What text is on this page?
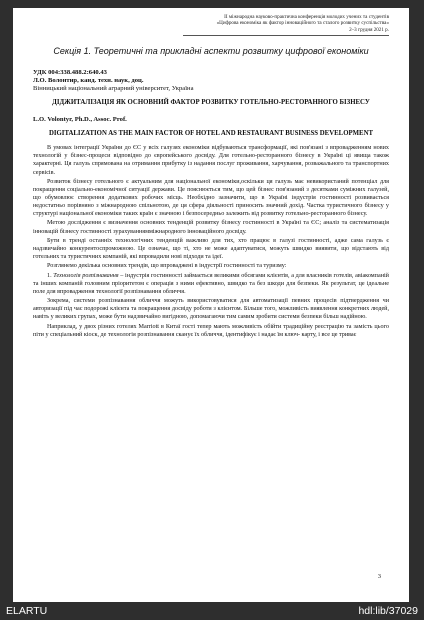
II міжнародна науково-практична конференція молодих учених та студентів
«Цифрова економіка як фактор інноваційного та сталого розвитку суспільства»
2–3 грудня 2021 р.
Секція 1. Теоретичні та прикладні аспекти розвитку цифрової економіки
УДК 004:338.488.2:640.43
Л.О. Волонтир, канд. техн. наук, доц.
Вінницький національний аграрний університет, Україна
ДІДЖИТАЛІЗАЦІЯ ЯК ОСНОВНИЙ ФАКТОР РОЗВИТКУ ГОТЕЛЬНО-РЕСТОРАННОГО БІЗНЕСУ
L.O. Volontyr, Ph.D., Assoc. Prof.
DIGITALIZATION AS THE MAIN FACTOR OF HOTEL AND RESTAURANT BUSINESS DEVELOPMENT

В умовах інтеграції України до ЄС у всіх галузях економіки відбуваються трансформації, які пов'язані з впровадженням нових технологій у бізнес-процеси відповідно до європейського досвіду. Для готельно-ресторанного бізнесу в Україні ці явища також характерні. Ця галузь спрямована на отримання прибутку із надання послуг проживання, харчування, розважального та транспортних сервісів.

Розвиток бізнесу готельного є актуальним для національної економіки,оскільки ця галузь має невикористаний потенціал для покращення соціально-економічної ситуації держави. Це пояснюється тим, що цей бізнес пов'язаний з десятками суміжних галузей, що обумовлює створення додаткових робочих місць. Необхідно зазначити, що в Україні індустрія гостинності розвивається недостатньо порівняно з міжнародною спільнотою, де ця сфера діяльності приносить значний дохід. Частка туристичного бізнесу у структурі національної економіки таких країн є значною і безпосередньо залежить від розвитку готельно-ресторанного бізнесу.

Метою дослідження є визначення основних тенденцій розвитку бізнесу гостинності в Україні та ЄС; аналіз та систематизація інновацій бізнесу гостинності зурахуваннямміжнародного інноваційного досвіду.

Бути в тренді останніх технологічних тенденцій важливо для тих, хто працює в галузі гостинності, адже сама галузь є надзвичайно конкурентоспроможною. Це означає, що ті, хто не може адаптуватися, можуть швидко виявити, що відстають від готельних та туристичних компаній, які впровадили нові підходи та ідеї.

Розглянемо декілька основних трендів, що впроваджені в індустрії гостинності та туризму:

1. Технологія розпізнавання – індустрія гостинності займається великими обсягами клієнтів, а для власників готелів, авіакомпаній та інших компаній головним пріоритетом є операція з ними ефективно, швидко та без шкоди для безпеки. Як результат, це ідеальне поле для впровадження технології розпізнавання обличчя.

Зокрема, системи розпізнавання обличчя можуть використовуватися для автоматизації певних процесів підтвердження чи авторизації під час подорожі клієнта та покращення досвіду роботи з клієнтом. Більше того, можливість виявлення конкретних людей, навіть у великих групах, може бути надзвичайно вигідною, допомагаючи тим самим зробити системи безпеки більш надійною.

Наприклад, у двох різних готелях Marriott в Китаї гості тепер мають можливість обійти традиційну реєстрацію та замість цього піти у спеціальний кіоск, де технологія розпізнавання сканує їх обличчя, ідентифікує і надає їм ключ- карту, і все це триває

3
ELARTU	hdl:lib/37029
